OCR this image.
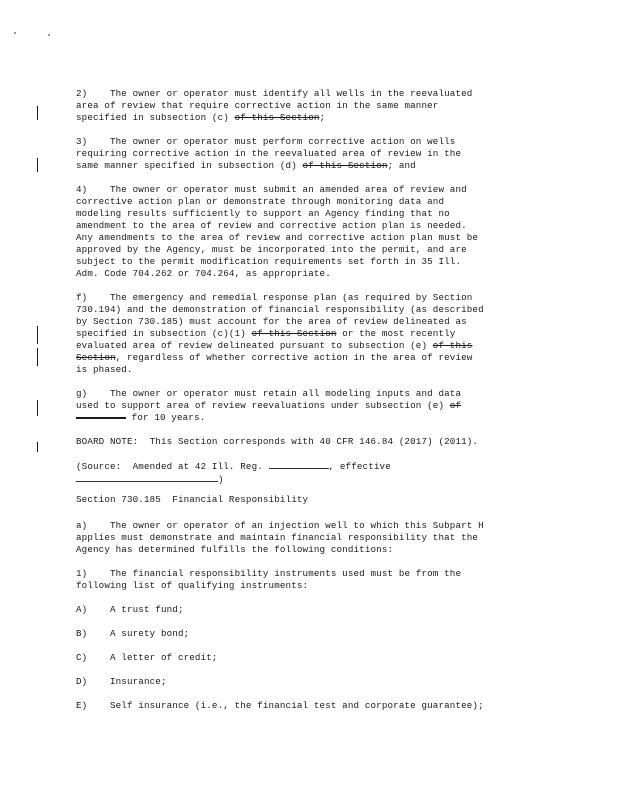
2)    The owner or operator must identify all wells in the reevaluated
area of review that require corrective action in the same manner
specified in subsection (c) of this Section;
3)    The owner or operator must perform corrective action on wells
requiring corrective action in the reevaluated area of review in the
same manner specified in subsection (d) of this Section; and
4)    The owner or operator must submit an amended area of review and
corrective action plan or demonstrate through monitoring data and
modeling results sufficiently to support an Agency finding that no
amendment to the area of review and corrective action plan is needed.
Any amendments to the area of review and corrective action plan must be
approved by the Agency, must be incorporated into the permit, and are
subject to the permit modification requirements set forth in 35 Ill.
Adm. Code 704.262 or 704.264, as appropriate.
f)    The emergency and remedial response plan (as required by Section
730.194) and the demonstration of financial responsibility (as described
by Section 730.185) must account for the area of review delineated as
specified in subsection (c)(1) of this Section or the most recently
evaluated area of review delineated pursuant to subsection (e) of this
Section, regardless of whether corrective action in the area of review
is phased.
g)    The owner or operator must retain all modeling inputs and data
used to support area of review reevaluations under subsection (e) of
for 10 years.
BOARD NOTE:  This Section corresponds with 40 CFR 146.84 (2017) (2011).
(Source:  Amended at 42 Ill. Reg.	, effective
)
Section 730.185  Financial Responsibility
a)    The owner or operator of an injection well to which this Subpart H
applies must demonstrate and maintain financial responsibility that the
Agency has determined fulfills the following conditions:
1)    The financial responsibility instruments used must be from the
following list of qualifying instruments:
A)    A trust fund;
B)    A surety bond;
C)    A letter of credit;
D)    Insurance;
E)    Self insurance (i.e., the financial test and corporate guarantee);
